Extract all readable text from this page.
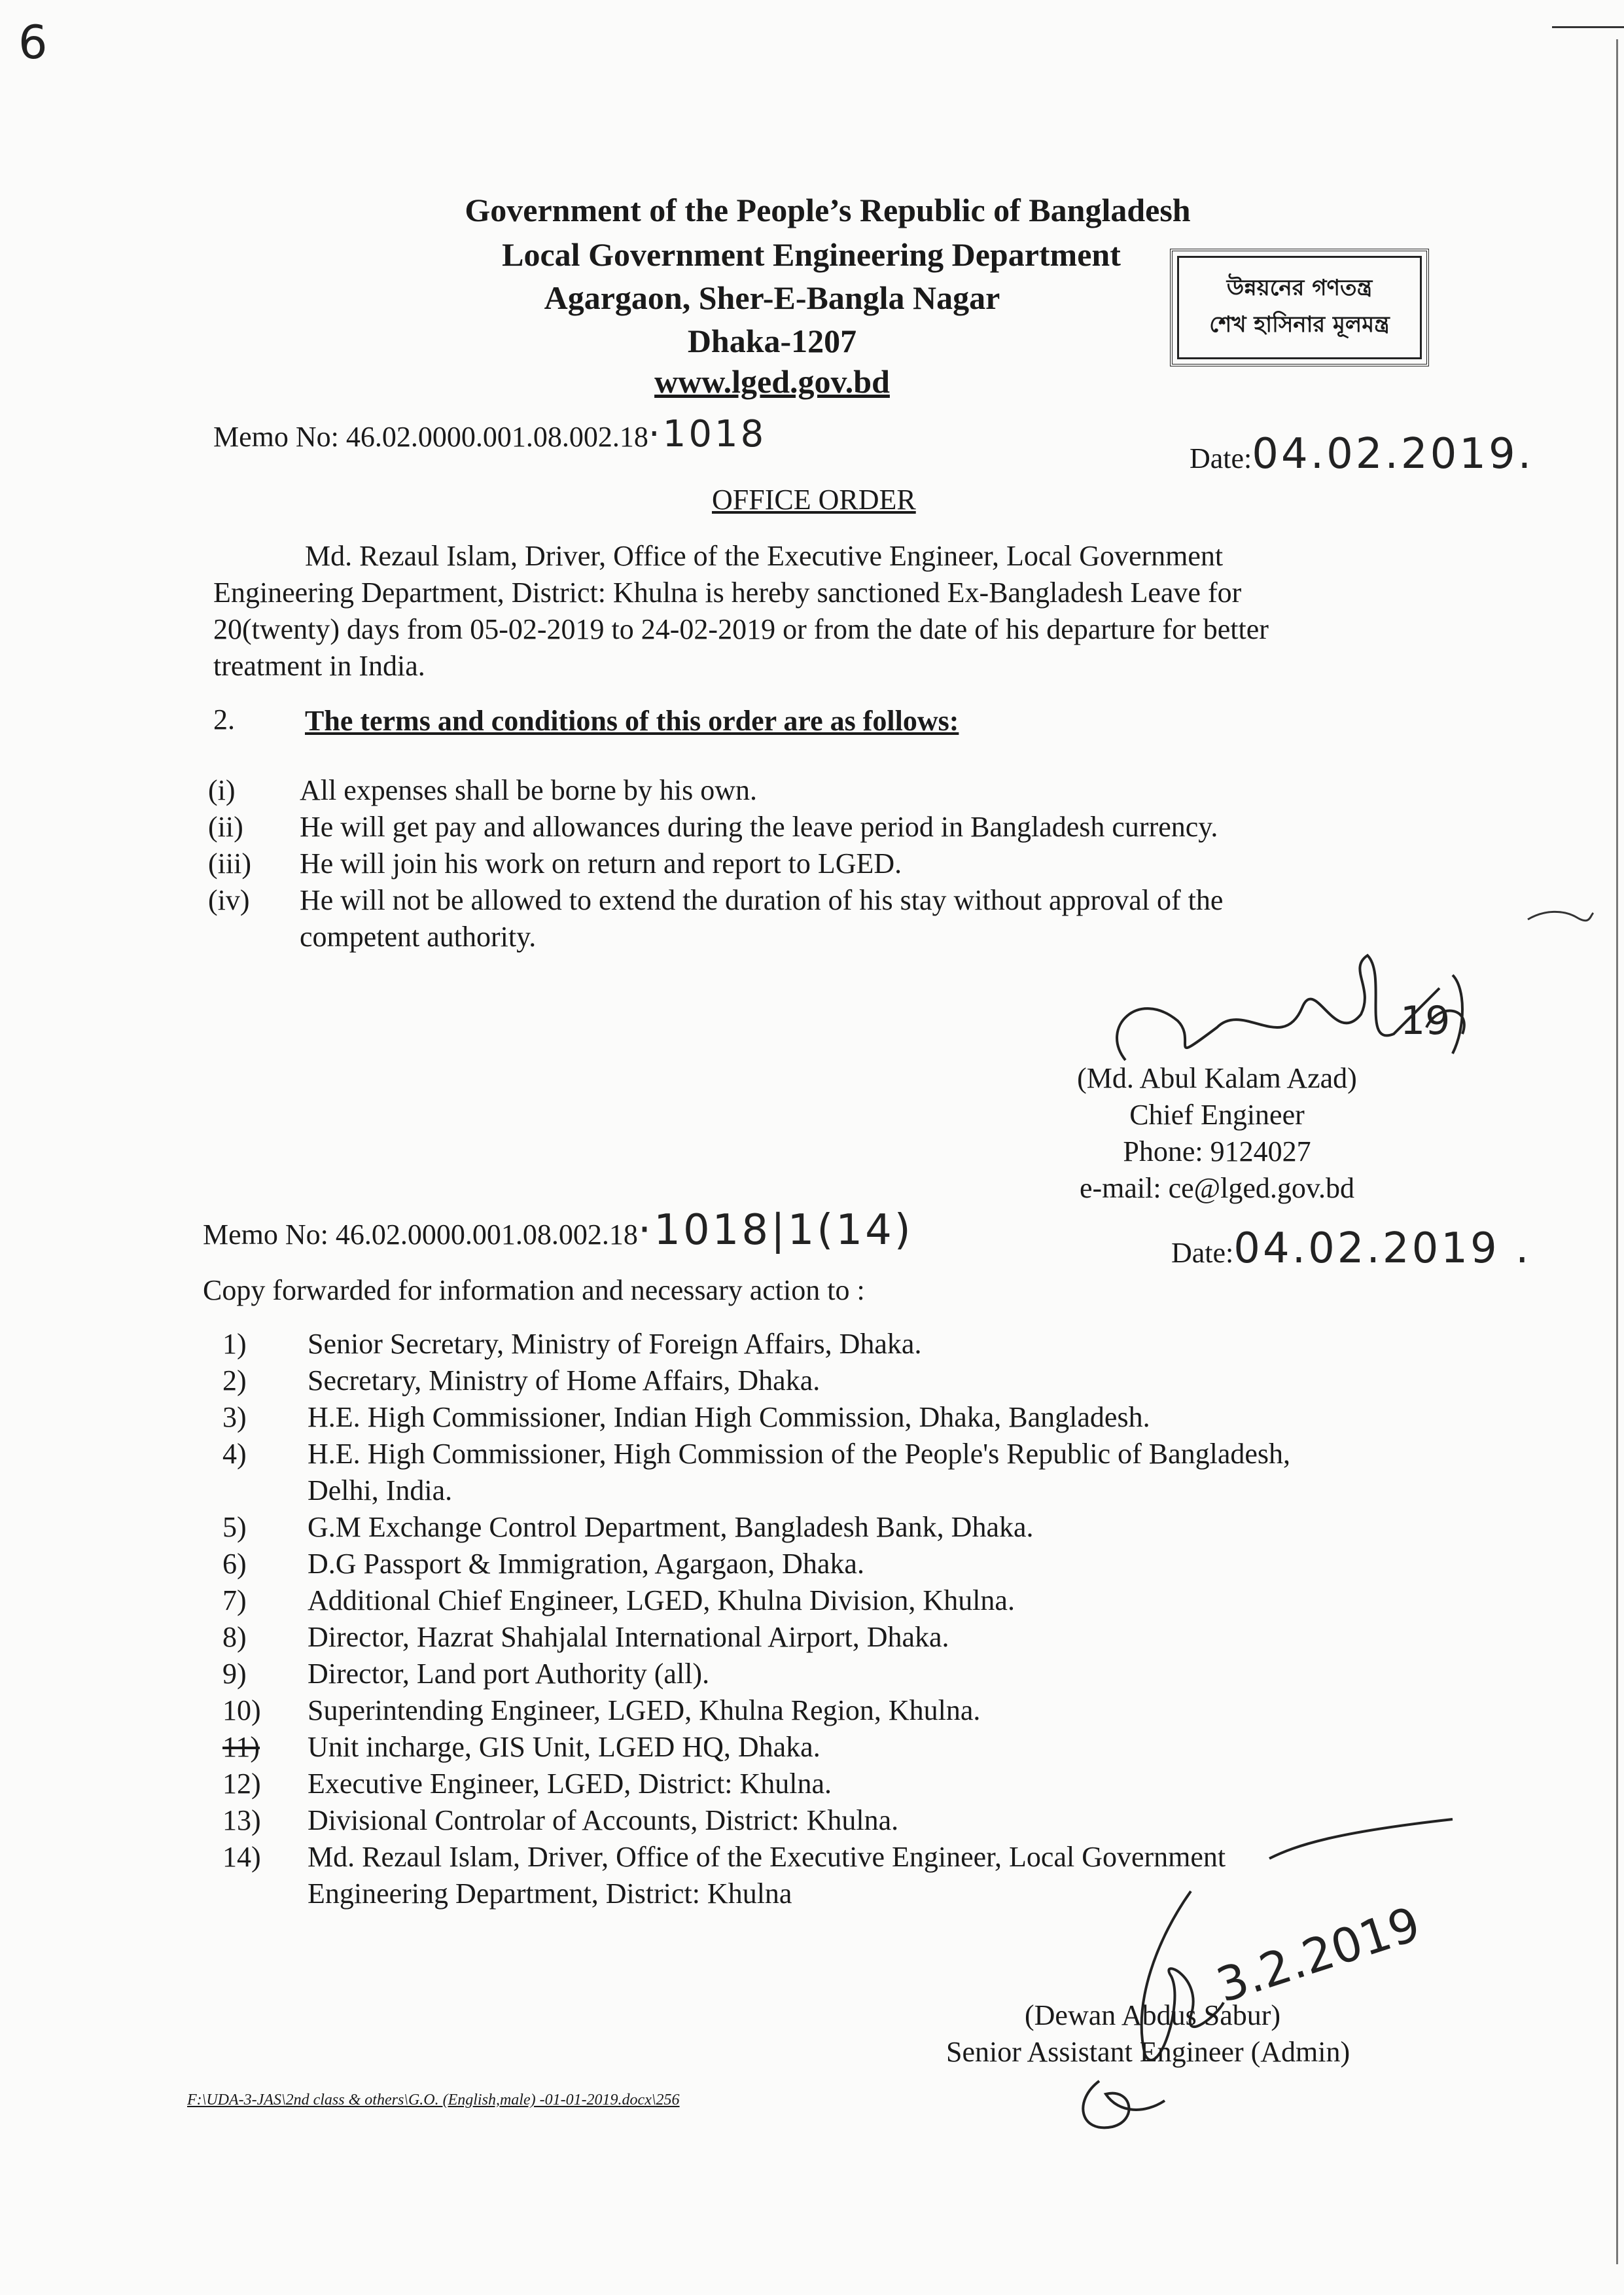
6
Government of the People’s Republic of Bangladesh
Local Government Engineering Department
Agargaon, Sher-E-Bangla Nagar
Dhaka-1207
www.lged.gov.bd
উন্নয়নের গণতন্ত্র
শেখ হাসিনার মূলমন্ত্র
Memo No: 46.02.0000.001.08.002.18·1018
Date:04.02.2019.
OFFICE ORDER
Md. Rezaul Islam, Driver, Office of the Executive Engineer, Local Government
Engineering Department, District: Khulna is hereby sanctioned Ex-Bangladesh Leave for
20(twenty) days from 05-02-2019 to 24-02-2019 or from the date of his departure for better
treatment in India.
2. The terms and conditions of this order are as follows:
(i) All expenses shall be borne by his own.
(ii) He will get pay and allowances during the leave period in Bangladesh currency.
(iii) He will join his work on return and report to LGED.
(iv) He will not be allowed to extend the duration of his stay without approval of the
competent authority.
19
(Md. Abul Kalam Azad)
Chief Engineer
Phone: 9124027
e-mail: ce@lged.gov.bd
Memo No: 46.02.0000.001.08.002.18·1018|1(14)	Date:04.02.2019 .
Copy forwarded for information and necessary action to :
1) Senior Secretary, Ministry of Foreign Affairs, Dhaka.
2) Secretary, Ministry of Home Affairs, Dhaka.
3) H.E. High Commissioner, Indian High Commission, Dhaka, Bangladesh.
4) H.E. High Commissioner, High Commission of the People's Republic of Bangladesh,
Delhi, India.
5) G.M Exchange Control Department, Bangladesh Bank, Dhaka.
6) D.G Passport & Immigration, Agargaon, Dhaka.
7) Additional Chief Engineer, LGED, Khulna Division, Khulna.
8) Director, Hazrat Shahjalal International Airport, Dhaka.
9) Director, Land port Authority (all).
10) Superintending Engineer, LGED, Khulna Region, Khulna.
11) Unit incharge, GIS Unit, LGED HQ, Dhaka.
12) Executive Engineer, LGED, District: Khulna.
13) Divisional Controlar of Accounts, District: Khulna.
14) Md. Rezaul Islam, Driver, Office of the Executive Engineer, Local Government
Engineering Department, District: Khulna
3.2.2019
(Dewan Abdus Sabur)
Senior Assistant Engineer (Admin)
F:\UDA-3-JAS\2nd class & others\G.O. (English,male) -01-01-2019.docx\256
